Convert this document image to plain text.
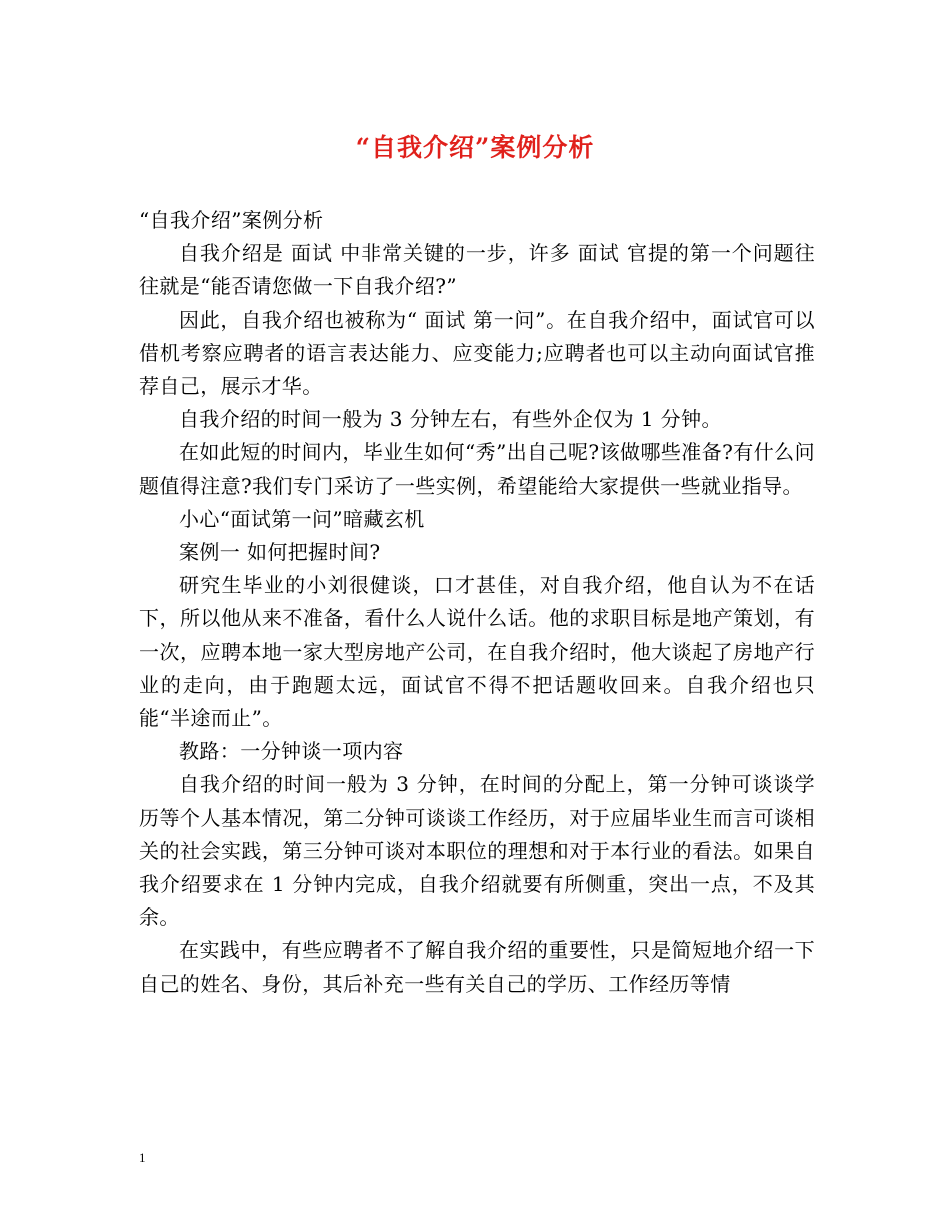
“自我介绍”案例分析

“自我介绍”案例分析

自我介绍是 面试 中非常关键的一步，许多 面试 官提的第一个问题往往就是“能否请您做一下自我介绍?”

因此，自我介绍也被称为“ 面试 第一问”。在自我介绍中，面试官可以借机考察应聘者的语言表达能力、应变能力;应聘者也可以主动向面试官推荐自己，展示才华。

自我介绍的时间一般为 3 分钟左右，有些外企仅为 1 分钟。

在如此短的时间内，毕业生如何“秀”出自己呢?该做哪些准备?有什么问题值得注意?我们专门采访了一些实例，希望能给大家提供一些就业指导。

小心“面试第一问”暗藏玄机

案例一 如何把握时间?

研究生毕业的小刘很健谈，口才甚佳，对自我介绍，他自认为不在话下，所以他从来不准备，看什么人说什么话。他的求职目标是地产策划，有一次，应聘本地一家大型房地产公司，在自我介绍时，他大谈起了房地产行业的走向，由于跑题太远，面试官不得不把话题收回来。自我介绍也只能“半途而止”。

教路：一分钟谈一项内容

自我介绍的时间一般为 3 分钟，在时间的分配上，第一分钟可谈谈学历等个人基本情况，第二分钟可谈谈工作经历，对于应届毕业生而言可谈相关的社会实践，第三分钟可谈对本职位的理想和对于本行业的看法。如果自我介绍要求在 1 分钟内完成，自我介绍就要有所侧重，突出一点，不及其余。

在实践中，有些应聘者不了解自我介绍的重要性，只是简短地介绍一下自己的姓名、身份，其后补充一些有关自己的学历、工作经历等情

1
